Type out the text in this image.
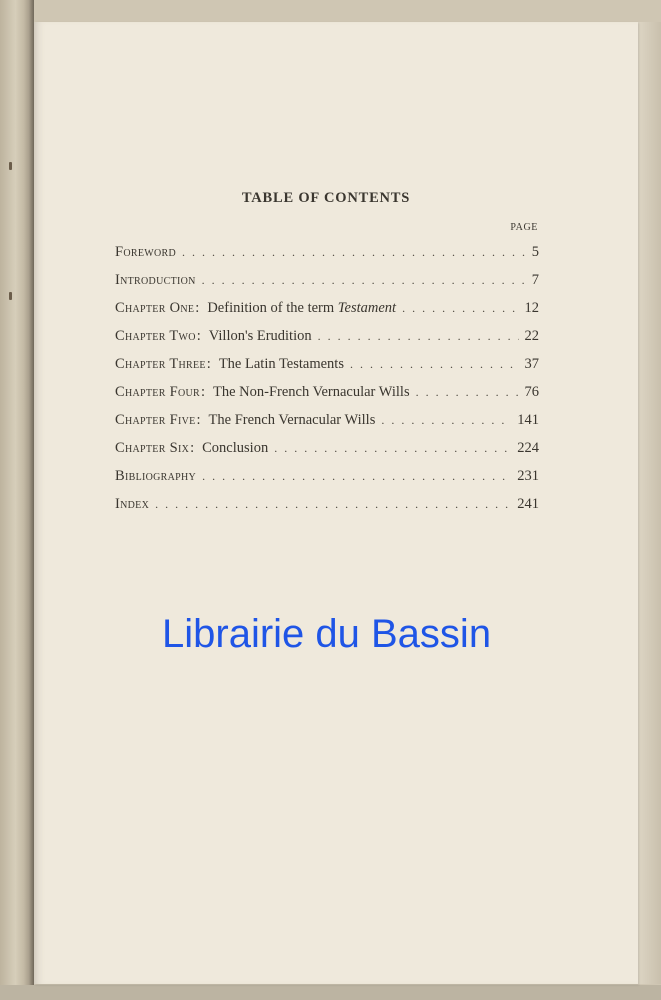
TABLE OF CONTENTS
PAGE
Foreword . . .	5
Introduction . . .	7
Chapter One: Definition of the term Testament . . .	12
Chapter Two: Villon's Erudition . . .	22
Chapter Three: The Latin Testaments . . .	37
Chapter Four: The Non-French Vernacular Wills . . .	76
Chapter Five: The French Vernacular Wills . . .	141
Chapter Six: Conclusion . . .	224
Bibliography . . .	231
Index . . .	241
Librairie du Bassin
